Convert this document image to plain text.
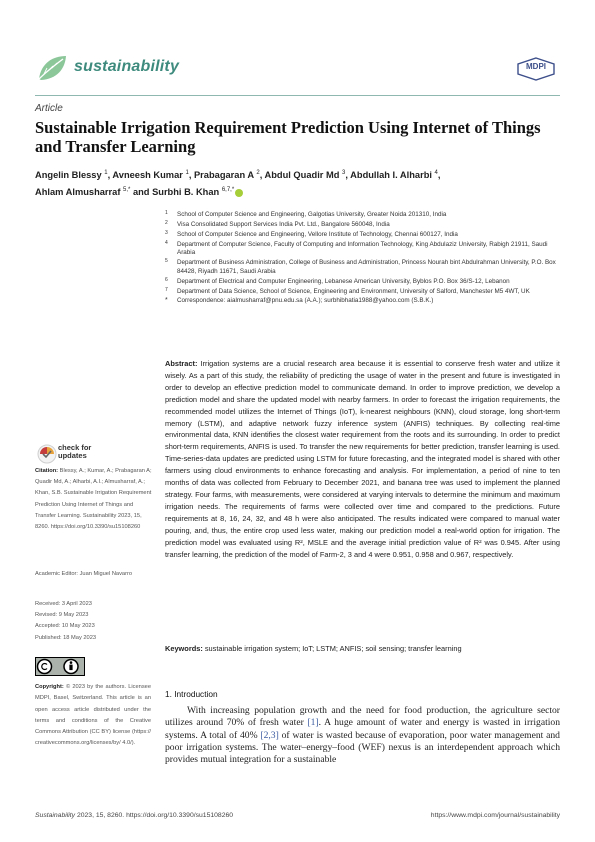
sustainability	MDPI
Article
Sustainable Irrigation Requirement Prediction Using Internet of Things and Transfer Learning
Angelin Blessy $^1$, Avneesh Kumar $^1$, Prabagaran A $^2$, Abdul Quadir Md $^3$, Abdullah I. Alharbi $^4$,
Ahlam Almusharraf $^{5,*}$ and Surbhi B. Khan $^{6,7,*}$
1 School of Computer Science and Engineering, Galgotias University, Greater Noida 201310, India
2 Visa Consolidated Support Services India Pvt. Ltd., Bangalore 560048, India
3 School of Computer Science and Engineering, Vellore Institute of Technology, Chennai 600127, India
4 Department of Computer Science, Faculty of Computing and Information Technology, King Abdulaziz University, Rabigh 21911, Saudi Arabia
5 Department of Business Administration, College of Business and Administration, Princess Nourah bint Abdulrahman University, P.O. Box 84428, Riyadh 11671, Saudi Arabia
6 Department of Electrical and Computer Engineering, Lebanese American University, Byblos P.O. Box 36/S-12, Lebanon
7 Department of Data Science, School of Science, Engineering and Environment, University of Salford, Manchester M5 4WT, UK
* Correspondence: aialmusharraf@pnu.edu.sa (A.A.); surbhibhatia1988@yahoo.com (S.B.K.)
Abstract: Irrigation systems are a crucial research area because it is essential to conserve fresh water and utilize it wisely. As a part of this study, the reliability of predicting the usage of water in the present and future is investigated in order to develop an effective prediction model to communicate demand. In order to improve prediction, we develop a prediction model and share the updated model with nearby farmers. In order to forecast the irrigation requirements, the recommended model utilizes the Internet of Things (IoT), k-nearest neighbours (KNN), cloud storage, long short-term memory (LSTM), and adaptive network fuzzy inference system (ANFIS) techniques. By collecting real-time environmental data, KNN identifies the closest water requirement from the roots and its surrounding. In order to predict short-term requirements, ANFIS is used. To transfer the new requirements for better prediction, transfer learning is used. Time-series-data updates are predicted using LSTM for future forecasting, and the integrated model is shared with other farmers using cloud environments to enhance forecasting and analysis. For implementation, a period of nine to ten months of data was collected from February to December 2021, and banana tree was used to implement the planned strategy. Four farms, with measurements, were considered at varying intervals to determine the minimum and maximum irrigation needs. The requirements of farms were collected over time and compared to the predictions. Future requirements at 8, 16, 24, 32, and 48 h were also anticipated. The results indicated were compared to manual water pouring, and, thus, the entire crop used less water, making our prediction model a real-world option for irrigation. The prediction model was evaluated using R², MSLE and the average initial prediction value of R² was 0.945. After using transfer learning, the prediction of the model of Farm-2, 3 and 4 were 0.951, 0.958 and 0.967, respectively.
Keywords: sustainable irrigation system; IoT; LSTM; ANFIS; soil sensing; transfer learning
check for
updates
Citation: Blessy, A.; Kumar, A.; Prabagaran A; Quadir Md, A.; Alharbi, A.I.; Almusharraf, A.; Khan, S.B. Sustainable Irrigation Requirement Prediction Using Internet of Things and Transfer Learning. Sustainability 2023, 15, 8260. https://doi.org/10.3390/su15108260
Academic Editor: Juan Miguel Navarro
Received: 3 April 2023
Revised: 9 May 2023
Accepted: 10 May 2023
Published: 18 May 2023
Copyright: © 2023 by the authors. Licensee MDPI, Basel, Switzerland. This article is an open access article distributed under the terms and conditions of the Creative Commons Attribution (CC BY) license (https:// creativecommons.org/licenses/by/ 4.0/).
1. Introduction
With increasing population growth and the need for food production, the agriculture sector utilizes around 70% of fresh water [1]. A huge amount of water and energy is wasted in irrigation systems. A total of 40% [2,3] of water is wasted because of evaporation, poor water management and poor irrigation systems. The water–energy–food (WEF) nexus is an interdependent approach which provides mutual integration for a sustainable
Sustainability 2023, 15, 8260. https://doi.org/10.3390/su15108260	https://www.mdpi.com/journal/sustainability
